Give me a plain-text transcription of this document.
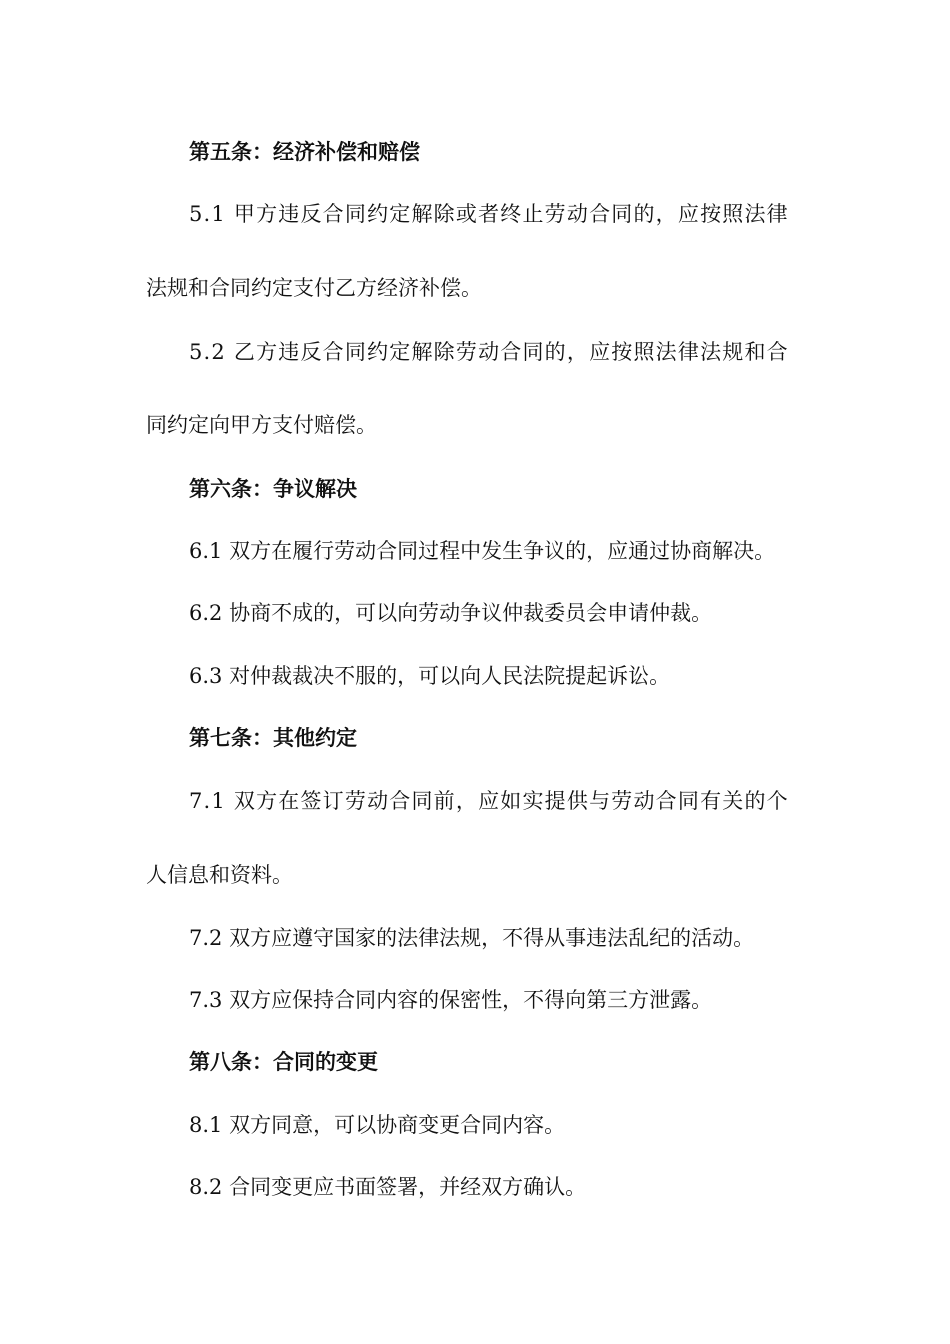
第五条：经济补偿和赔偿
5.1 甲方违反合同约定解除或者终止劳动合同的，应按照法律
法规和合同约定支付乙方经济补偿。
5.2 乙方违反合同约定解除劳动合同的，应按照法律法规和合
同约定向甲方支付赔偿。
第六条：争议解决
6.1 双方在履行劳动合同过程中发生争议的，应通过协商解决。
6.2 协商不成的，可以向劳动争议仲裁委员会申请仲裁。
6.3 对仲裁裁决不服的，可以向人民法院提起诉讼。
第七条：其他约定
7.1 双方在签订劳动合同前，应如实提供与劳动合同有关的个
人信息和资料。
7.2 双方应遵守国家的法律法规，不得从事违法乱纪的活动。
7.3 双方应保持合同内容的保密性，不得向第三方泄露。
第八条：合同的变更
8.1 双方同意，可以协商变更合同内容。
8.2 合同变更应书面签署，并经双方确认。
